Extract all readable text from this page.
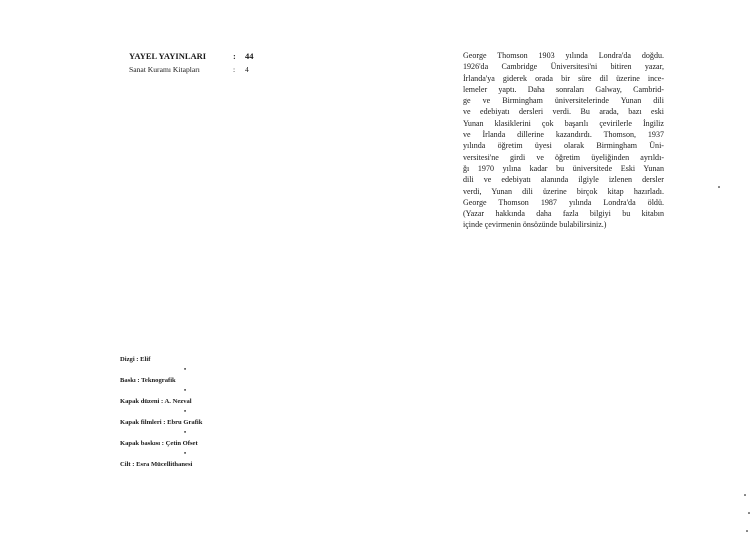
YAYEL YAYINLARI	:	44
Sanat Kuramı Kitapları	:	4
Dizgi : Elif
•
Baskı : Teknografik
•
Kapak düzeni : A. Nezval
•
Kapak filmleri : Ebru Grafik
•
Kapak baskısı : Çetin Ofset
•
Cilt : Esra Mücellithanesi
George Thomson 1903 yılında Londra'da doğdu.
1926'da Cambridge Üniversitesi'ni bitiren yazar,
İrlanda'ya giderek orada bir süre dil üzerine ince-
lemeler yaptı. Daha sonraları Galway, Cambrid-
ge ve Birmingham üniversitelerinde Yunan dili
ve edebiyatı dersleri verdi. Bu arada, bazı eski
Yunan klasiklerini çok başarılı çevirilerle İngiliz
ve İrlanda dillerine kazandırdı. Thomson, 1937
yılında öğretim üyesi olarak Birmingham Üni-
versitesi'ne girdi ve öğretim üyeliğinden ayrıldı-
ğı 1970 yılına kadar bu üniversitede Eski Yunan
dili ve edebiyatı alanında ilgiyle izlenen dersler
verdi, Yunan dili üzerine birçok kitap hazırladı.
George Thomson 1987 yılında Londra'da öldü.
(Yazar hakkında daha fazla bilgiyi bu kitabın
içinde çevirmenin önsözünde bulabilirsiniz.)
